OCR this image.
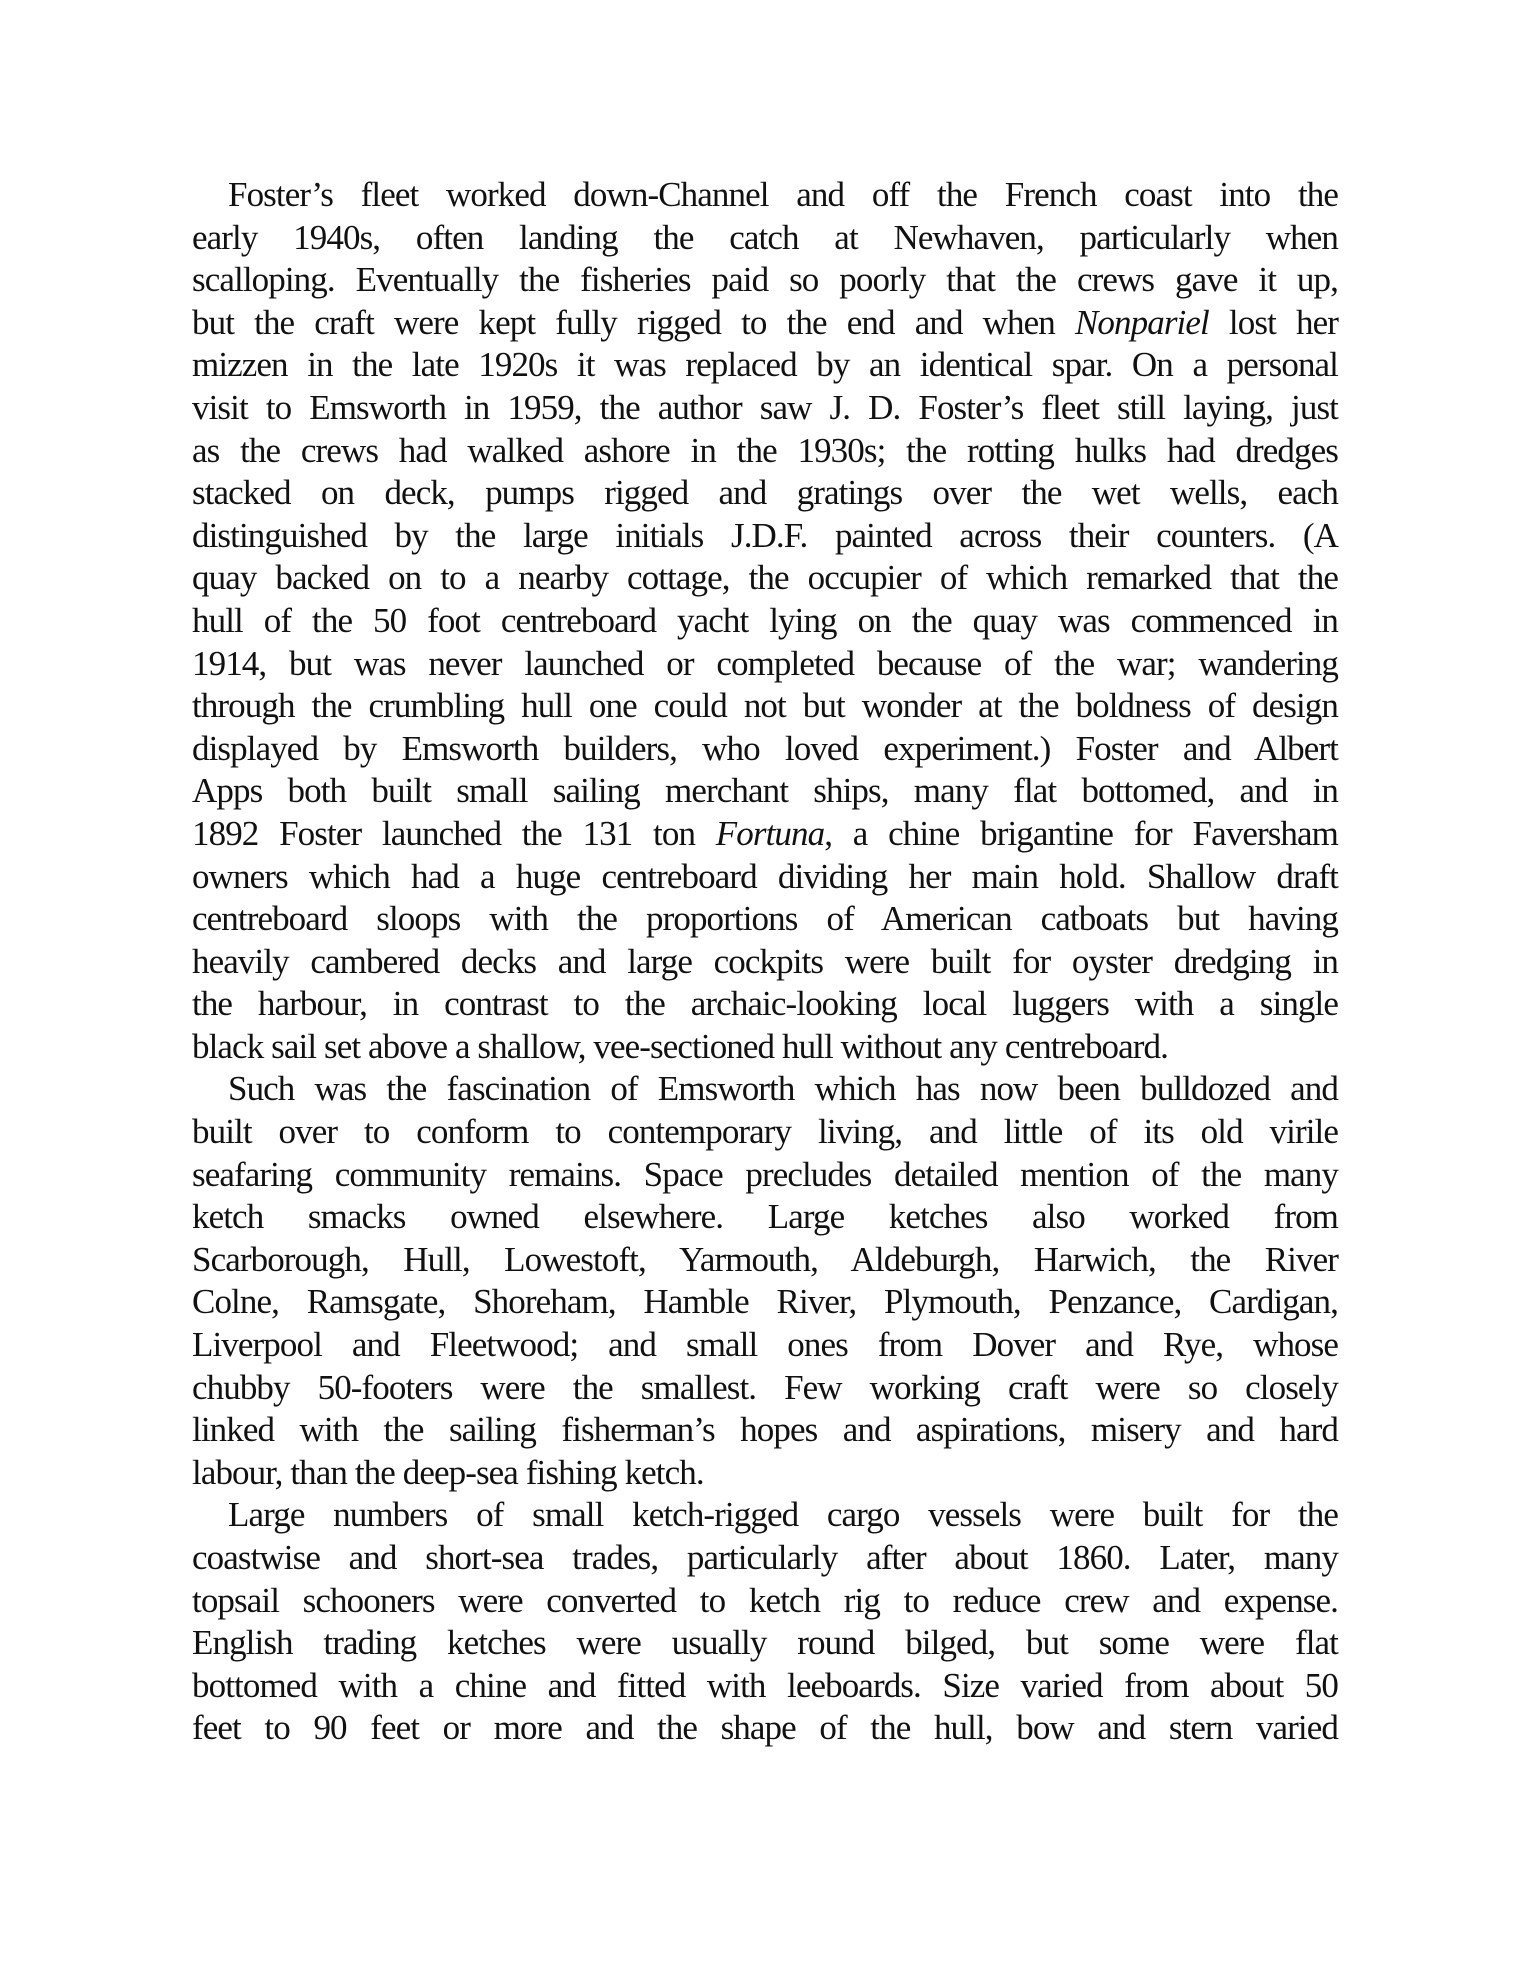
Foster’s fleet worked down-Channel and off the French coast into the
early 1940s, often landing the catch at Newhaven, particularly when
scalloping. Eventually the fisheries paid so poorly that the crews gave it up,
but the craft were kept fully rigged to the end and when Nonpariel lost her
mizzen in the late 1920s it was replaced by an identical spar. On a personal
visit to Emsworth in 1959, the author saw J. D. Foster’s fleet still laying, just
as the crews had walked ashore in the 1930s; the rotting hulks had dredges
stacked on deck, pumps rigged and gratings over the wet wells, each
distinguished by the large initials J.D.F. painted across their counters. (A
quay backed on to a nearby cottage, the occupier of which remarked that the
hull of the 50 foot centreboard yacht lying on the quay was commenced in
1914, but was never launched or completed because of the war; wandering
through the crumbling hull one could not but wonder at the boldness of design
displayed by Emsworth builders, who loved experiment.) Foster and Albert
Apps both built small sailing merchant ships, many flat bottomed, and in
1892 Foster launched the 131 ton Fortuna, a chine brigantine for Faversham
owners which had a huge centreboard dividing her main hold. Shallow draft
centreboard sloops with the proportions of American catboats but having
heavily cambered decks and large cockpits were built for oyster dredging in
the harbour, in contrast to the archaic-looking local luggers with a single
black sail set above a shallow, vee-sectioned hull without any centreboard.
Such was the fascination of Emsworth which has now been bulldozed and
built over to conform to contemporary living, and little of its old virile
seafaring community remains. Space precludes detailed mention of the many
ketch smacks owned elsewhere. Large ketches also worked from
Scarborough, Hull, Lowestoft, Yarmouth, Aldeburgh, Harwich, the River
Colne, Ramsgate, Shoreham, Hamble River, Plymouth, Penzance, Cardigan,
Liverpool and Fleetwood; and small ones from Dover and Rye, whose
chubby 50-footers were the smallest. Few working craft were so closely
linked with the sailing fisherman’s hopes and aspirations, misery and hard
labour, than the deep-sea fishing ketch.
Large numbers of small ketch-rigged cargo vessels were built for the
coastwise and short-sea trades, particularly after about 1860. Later, many
topsail schooners were converted to ketch rig to reduce crew and expense.
English trading ketches were usually round bilged, but some were flat
bottomed with a chine and fitted with leeboards. Size varied from about 50
feet to 90 feet or more and the shape of the hull, bow and stern varied
